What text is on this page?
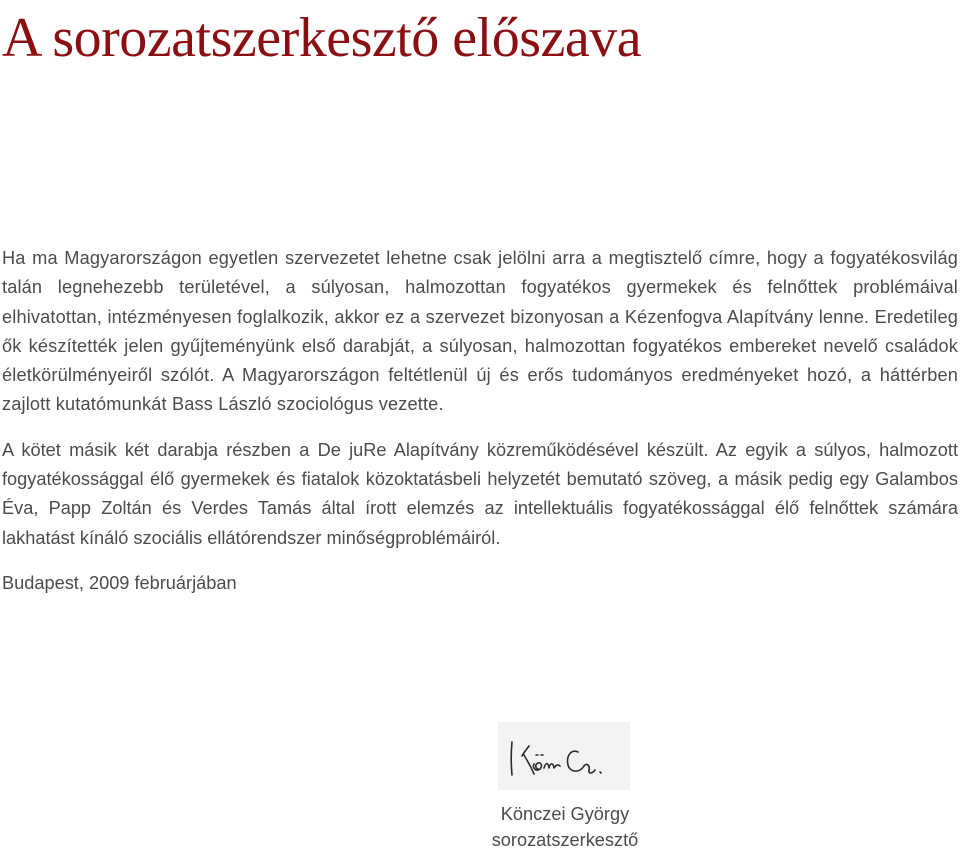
A sorozatszerkesztő előszava

Ha ma Magyarországon egyetlen szervezetet lehetne csak jelölni arra a megtisztelő címre, hogy a fogyatékosvilág talán legnehezebb területével, a súlyosan, halmozottan fogyatékos gyermekek és felnőttek problémáival elhivatottan, intézményesen foglalkozik, akkor ez a szervezet bizonyosan a Kézenfogva Alapítvány lenne. Eredetileg ők készítették jelen gyűjteményünk első darabját, a súlyosan, halmozottan fogyatékos embereket nevelő családok életkörülményeiről szólót. A Magyarországon feltétlenül új és erős tudományos eredményeket hozó, a háttérben zajlott kutatómunkát Bass László szociológus vezette.

A kötet másik két darabja részben a De juRe Alapítvány közreműködésével készült. Az egyik a súlyos, halmozott fogyatékossággal élő gyermekek és fiatalok közoktatásbeli helyzetét bemutató szöveg, a másik pedig egy Galambos Éva, Papp Zoltán és Verdes Tamás által írott elemzés az intellektuális fogyatékossággal élő felnőttek számára lakhatást kínáló szociális ellátórendszer minőségproblémáiról.

Budapest, 2009 februárjában

Könczei György
sorozatszerkesztő
